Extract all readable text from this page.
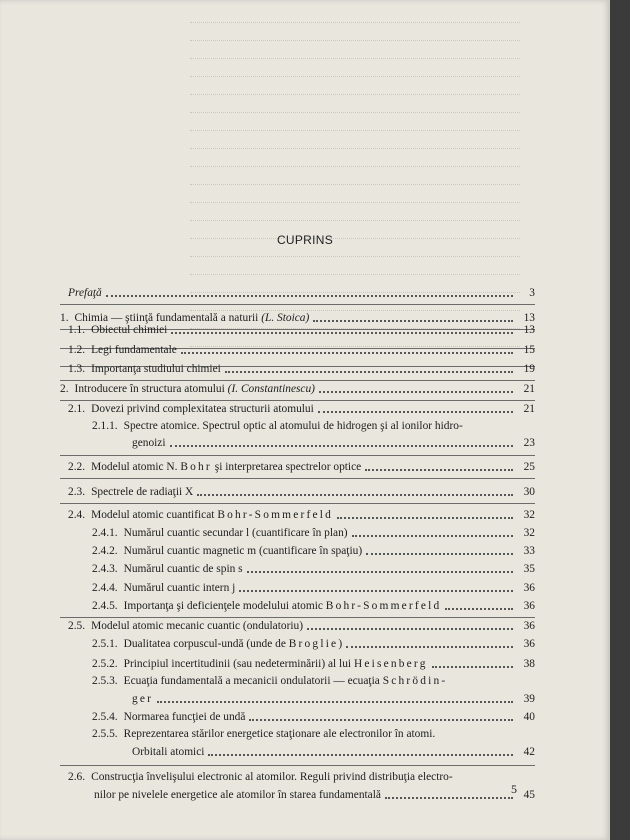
CUPRINS
Prefaţă	3
1. Chimia — ştiinţă fundamentală a naturii (L. Stoica)	13
1.1. Obiectul chimiei	13
1.2. Legi fundamentale	15
1.3. Importanţa studiului chimiei	19
2. Introducere în structura atomului (I. Constantinescu)	21
2.1. Dovezi privind complexitatea structurii atomului	21
2.1.1. Spectre atomice. Spectrul optic al atomului de hidrogen şi al ionilor hidro-
genoizi	23
2.2. Modelul atomic N. Bohr şi interpretarea spectrelor optice	25
2.3. Spectrele de radiaţii X	30
2.4. Modelul atomic cuantificat Bohr-Sommerfeld	32
2.4.1. Numărul cuantic secundar l (cuantificare în plan)	32
2.4.2. Numărul cuantic magnetic m (cuantificare în spaţiu)	33
2.4.3. Numărul cuantic de spin s	35
2.4.4. Numărul cuantic intern j	36
2.4.5. Importanţa şi deficienţele modelului atomic Bohr-Sommerfeld	36
2.5. Modelul atomic mecanic cuantic (ondulatoriu)	36
2.5.1. Dualitatea corpuscul-undă (unde de Broglie)	36
2.5.2. Principiul incertitudinii (sau nedeterminării) al lui Heisenberg	38
2.5.3. Ecuaţia fundamentală a mecanicii ondulatorii — ecuaţia Schrödin-
ger	39
2.5.4. Normarea funcţiei de undă	40
2.5.5. Reprezentarea stărilor energetice staţionare ale electronilor în atomi.
Orbitali atomici	42
2.6. Construcţia învelişului electronic al atomilor. Reguli privind distribuţia electro-
nilor pe nivelele energetice ale atomilor în starea fundamentală	45
5
